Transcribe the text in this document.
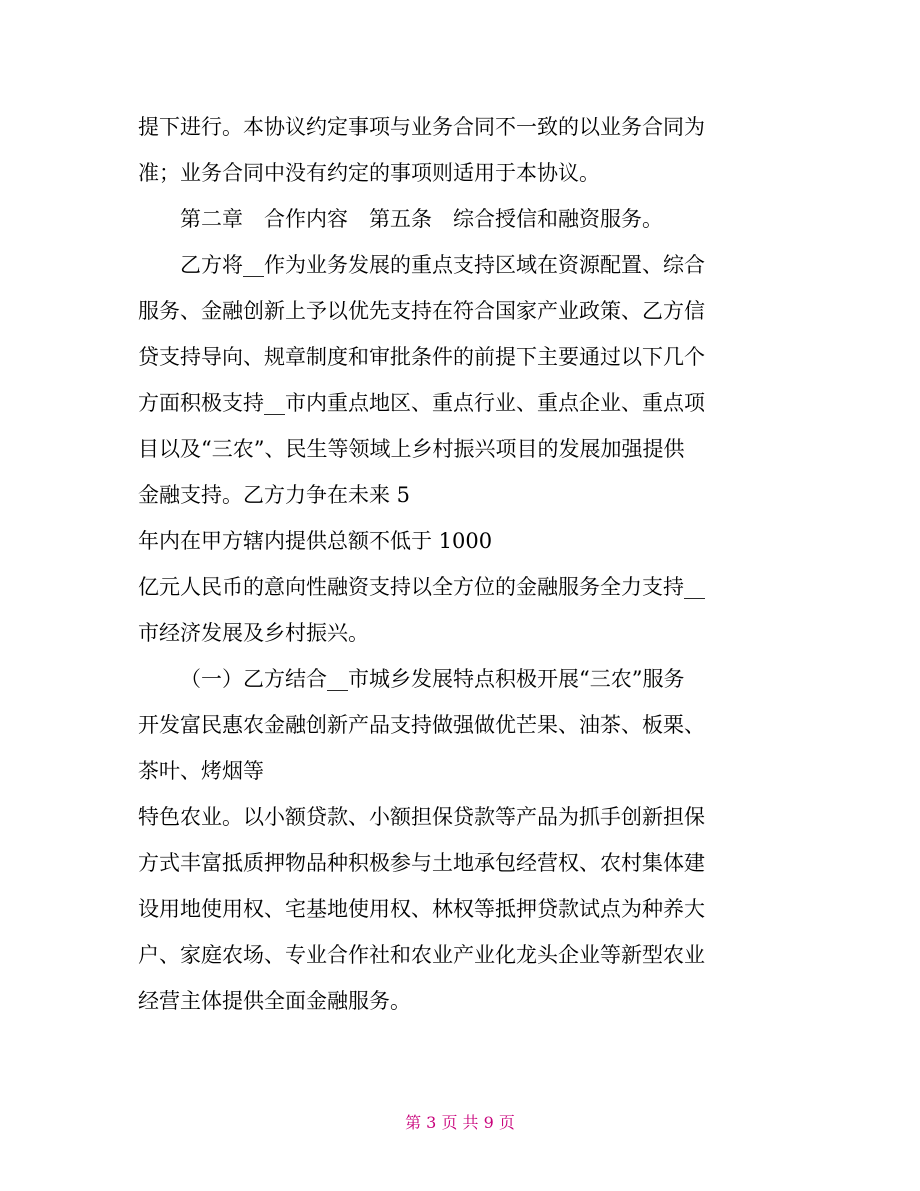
提下进行。本协议约定事项与业务合同不一致的以业务合同为
准；业务合同中没有约定的事项则适用于本协议。

第二章　合作内容　第五条　综合授信和融资服务。

乙方将__作为业务发展的重点支持区域在资源配置、综合
服务、金融创新上予以优先支持在符合国家产业政策、乙方信
贷支持导向、规章制度和审批条件的前提下主要通过以下几个
方面积极支持__市内重点地区、重点行业、重点企业、重点项
目以及“三农”、民生等领域上乡村振兴项目的发展加强提供
金融支持。乙方力争在未来 5
年内在甲方辖内提供总额不低于 1000
亿元人民币的意向性融资支持以全方位的金融服务全力支持__
市经济发展及乡村振兴。

（一）乙方结合__市城乡发展特点积极开展“三农”服务
开发富民惠农金融创新产品支持做强做优芒果、油茶、板栗、
茶叶、烤烟等
特色农业。以小额贷款、小额担保贷款等产品为抓手创新担保
方式丰富抵质押物品种积极参与土地承包经营权、农村集体建
设用地使用权、宅基地使用权、林权等抵押贷款试点为种养大
户、家庭农场、专业合作社和农业产业化龙头企业等新型农业
经营主体提供全面金融服务。

第 3 页 共 9 页
